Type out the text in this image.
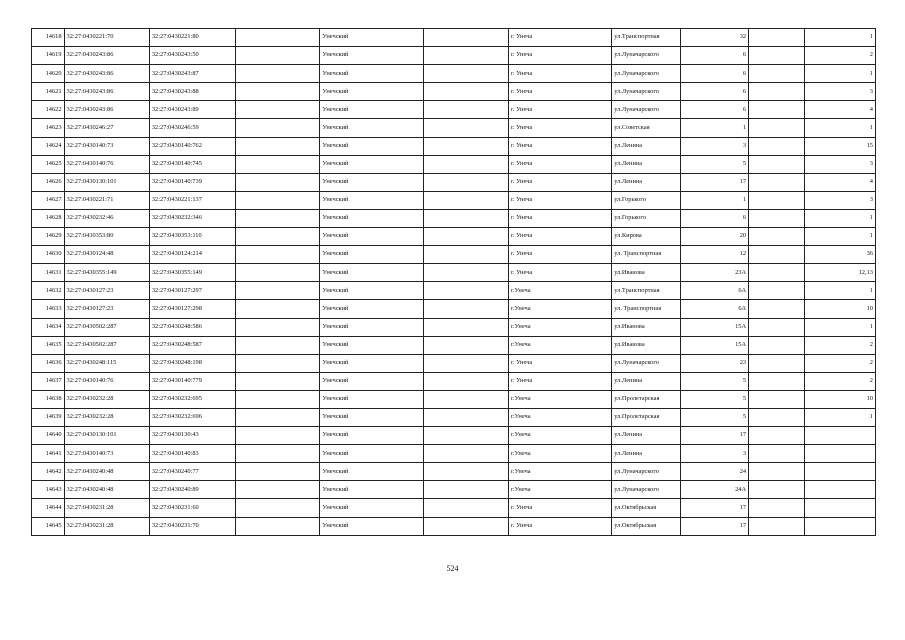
14618	32:27:0430221:70	32:27:0430221:80		Унечский		г. Унеча	ул.Транспортная	32		1
14619	32:27:0430243:86	32:27:0430243:50		Унечский		г. Унеча	ул.Луначарского	6		2
14620	32:27:0430243:86	32:27:0430243:87		Унечский		г. Унеча	ул.Луначарского	6		1
14621	32:27:0430243:86	32:27:0430243:88		Унечский		г. Унеча	ул.Луначарского	6		3
14622	32:27:0430243:86	32:27:0430243:89		Унечский		г. Унеча	ул.Луначарского	6		4
14623	32:27:0430246:27	32:27:0430246:59		Унечский		г. Унеча	ул.Советская	1		1
14624	32:27:0430140:73	32:27:0430140:762		Унечский		г. Унеча	ул.Ленина	3		15
14625	32:27:0430140:76	32:27:0430140:745		Унечский		г. Унеча	ул.Ленина	5		3
14626	32:27:0430130:101	32:27:0430140:739		Унечский		г. Унеча	ул.Ленина	17		4
14627	32:27:0430221:71	32:27:0430221:137		Унечский		г. Унеча	ул.Горького	1		3
14628	32:27:0430232:46	32:27:0430232:346		Унечский		г. Унеча	ул.Горького	6		1
14629	32:27:0430353:80	32:27:0430353:110		Унечский		г. Унеча	ул.Кирова	20		1
14630	32:27:0430124:48	32:27:0430124:214		Унечский		г. Унеча	ул. Транспортная	12		36
14631	32:27:0430355:149	32:27:0430355:149		Унечский		г. Унеча	ул.Иванова	23А		12,13
14632	32:27:0430127:23	32:27:0430127:297		Унечский		г.Унеча	ул.Транспортная	6А		1
14633	32:27:0430127:23	32:27:0430127:298		Унечский		г.Унеча	ул. Транспортная	6А		10
14634	32:27:0430502:287	32:27:0430248:586		Унечский		г.Унеча	ул.Иванова	15А		1
14635	32:27:0430502:287	32:27:0430248:587		Унечский		г.Унеча	ул.Иванова	15А		2
14636	32:27:0430248:115	32:27:0430248:198		Унечский		г. Унеча	ул.Луначарского	23		2
14637	32:27:0430140:76	32:27:0430140:779		Унечский		г. Унеча	ул.Ленина	5		2
14638	32:27:0430232:28	32:27:0430232:695		Унечский		г.Унеча	ул.Пролетарская	5		10
14639	32:27:0430232:28	32:27:0430232:696		Унечский		г.Унеча	ул.Пролетарская	5		1
14640	32:27:0430130:101	32:27:0430130:43		Унечский		г.Унеча	ул.Ленина	17		
14641	32:27:0430140:73	32:27:0430140:83		Унечский		г.Унеча	ул.Ленина	3		
14642	32:27:0430240:48	32:27:0430240:77		Унечский		г.Унеча	ул.Луначарского	24		
14643	32:27:0430240:48	32:27:0430240:89		Унечский		г.Унеча	ул.Луначарского	24А		
14644	32:27:0430231:28	32:27:0430231:60		Унечский		г. Унеча	ул.Октябрьская	17		
14645	32:27:0430231:28	32:27:0430231:70		Унечский		г. Унеча	ул.Октябрьская	17		
524
